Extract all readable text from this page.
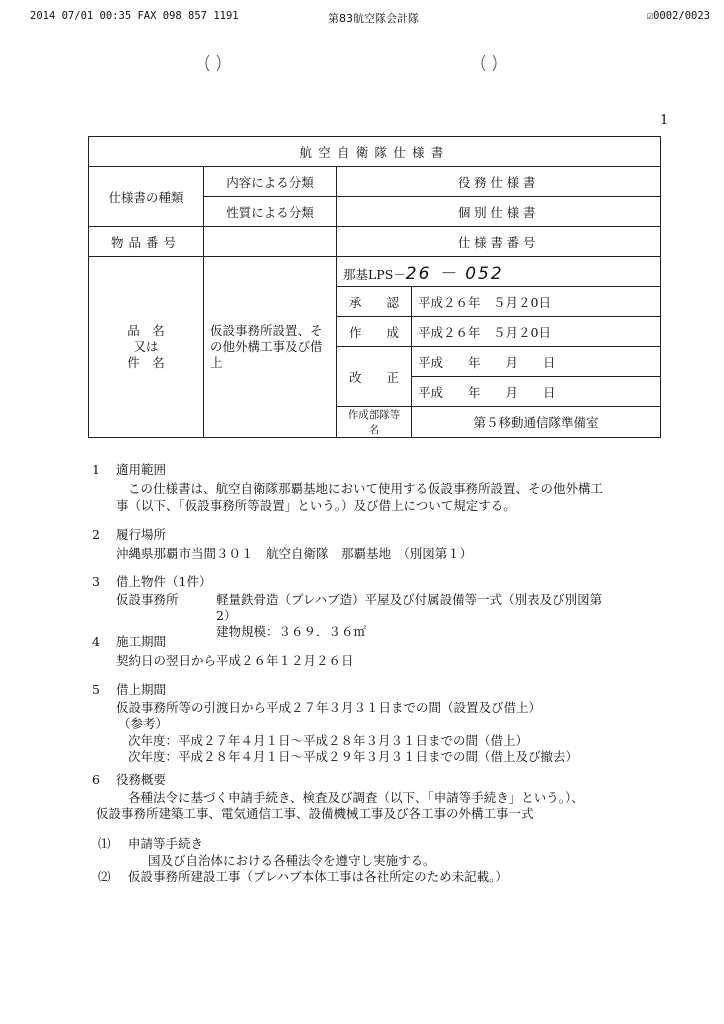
2014 07/01 00:35 FAX 098 857 1191	第83航空隊会計隊	☑0002/0023
1
航空自衛隊仕様書			
仕様書の種類	内容による分類	役務仕様書	
	性質による分類	個別仕様書	
物品番号		仕様書番号	

品　名
又は
件　名	仮設事務所設置、その他外構工事及び借上	那基LPS－26 － 052	
		承　　認	平成２６年　５月２0日
		作　　成	平成２６年　５月２0日
		改　　正	平成　　年　　月　　日
			平成　　年　　月　　日
		作成部隊等名	第５移動通信隊準備室
1 適用範囲
この仕様書は、航空自衛隊那覇基地において使用する仮設事務所設置、その他外構工
事（以下、「仮設事務所等設置」という。）及び借上について規定する。
2 履行場所
沖縄県那覇市当間３０１　航空自衛隊　那覇基地　（別図第１）
3 借上物件（1件）
仮設事務所	軽量鉄骨造（プレハブ造）平屋及び付属設備等一式（別表及び別図第
2）
建物規模：３６９．３６㎡
4 施工期間
契約日の翌日から平成２６年１２月２６日
5 借上期間
仮設事務所等の引渡日から平成２７年３月３１日までの間（設置及び借上）
（参考）
次年度：平成２７年４月１日～平成２８年３月３１日までの間（借上）
次年度：平成２８年４月１日～平成２９年３月３１日までの間（借上及び撤去）
6 役務概要
各種法令に基づく申請手続き、検査及び調査（以下、「申請等手続き」という。）、
仮設事務所建築工事、電気通信工事、設備機械工事及び各工事の外構工事一式
⑴ 申請等手続き
国及び自治体における各種法令を遵守し実施する。
⑵ 仮設事務所建設工事（プレハブ本体工事は各社所定のため未記載。）
